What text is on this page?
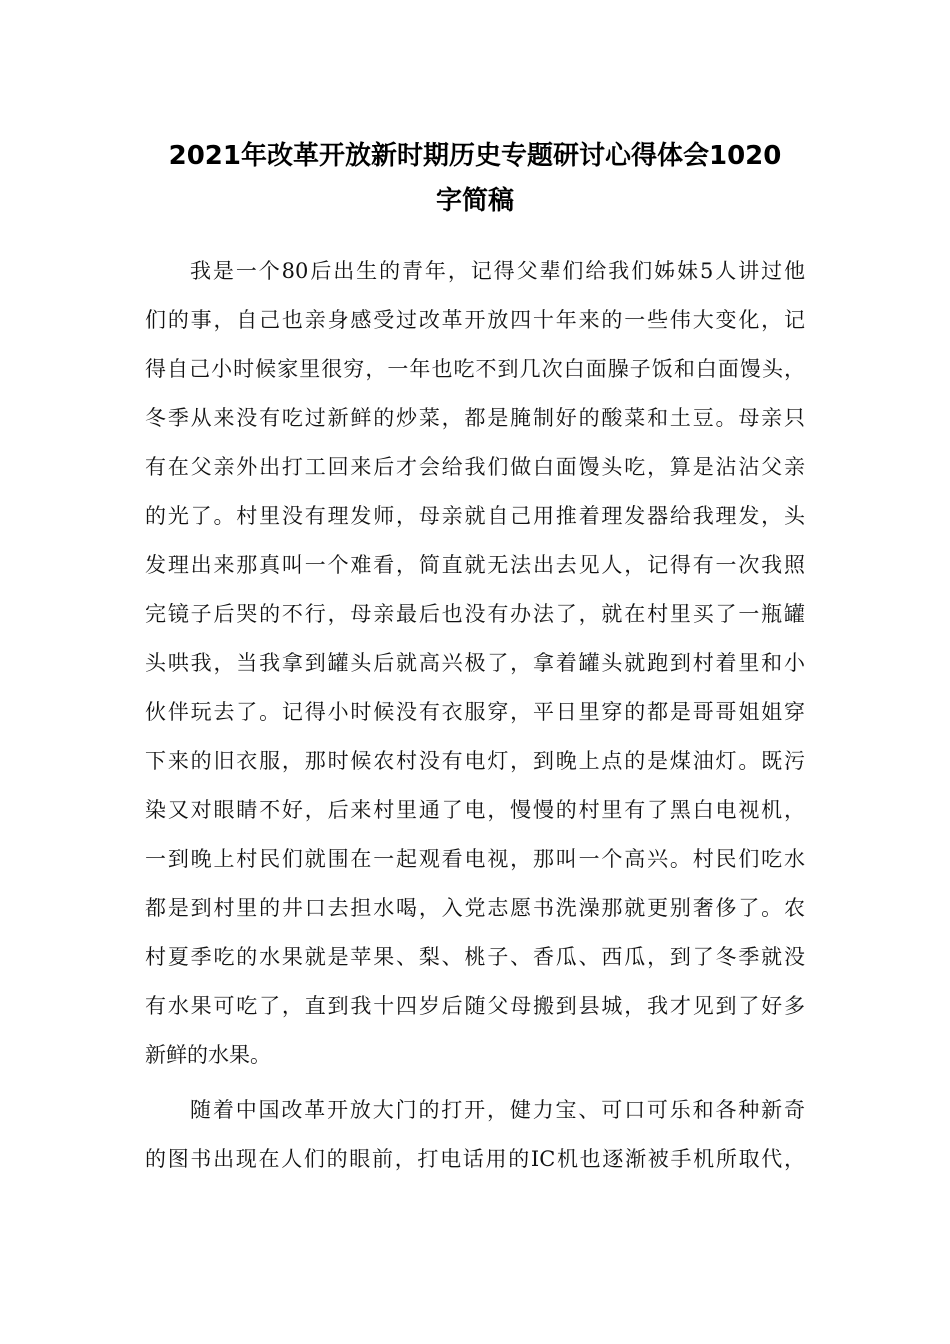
2021年改革开放新时期历史专题研讨心得体会1020
字简稿
我是一个80后出生的青年，记得父辈们给我们姊妹5人讲过他
们的事，自己也亲身感受过改革开放四十年来的一些伟大变化，记
得自己小时候家里很穷，一年也吃不到几次白面臊子饭和白面馒头，
冬季从来没有吃过新鲜的炒菜，都是腌制好的酸菜和土豆。母亲只
有在父亲外出打工回来后才会给我们做白面馒头吃，算是沾沾父亲
的光了。村里没有理发师，母亲就自己用推着理发器给我理发，头
发理出来那真叫一个难看，简直就无法出去见人，记得有一次我照
完镜子后哭的不行，母亲最后也没有办法了，就在村里买了一瓶罐
头哄我，当我拿到罐头后就高兴极了，拿着罐头就跑到村着里和小
伙伴玩去了。记得小时候没有衣服穿，平日里穿的都是哥哥姐姐穿
下来的旧衣服，那时候农村没有电灯，到晚上点的是煤油灯。既污
染又对眼睛不好，后来村里通了电，慢慢的村里有了黑白电视机，
一到晚上村民们就围在一起观看电视，那叫一个高兴。村民们吃水
都是到村里的井口去担水喝，入党志愿书洗澡那就更别奢侈了。农
村夏季吃的水果就是苹果、梨、桃子、香瓜、西瓜，到了冬季就没
有水果可吃了，直到我十四岁后随父母搬到县城，我才见到了好多
新鲜的水果。
随着中国改革开放大门的打开，健力宝、可口可乐和各种新奇
的图书出现在人们的眼前，打电话用的IC机也逐渐被手机所取代，
